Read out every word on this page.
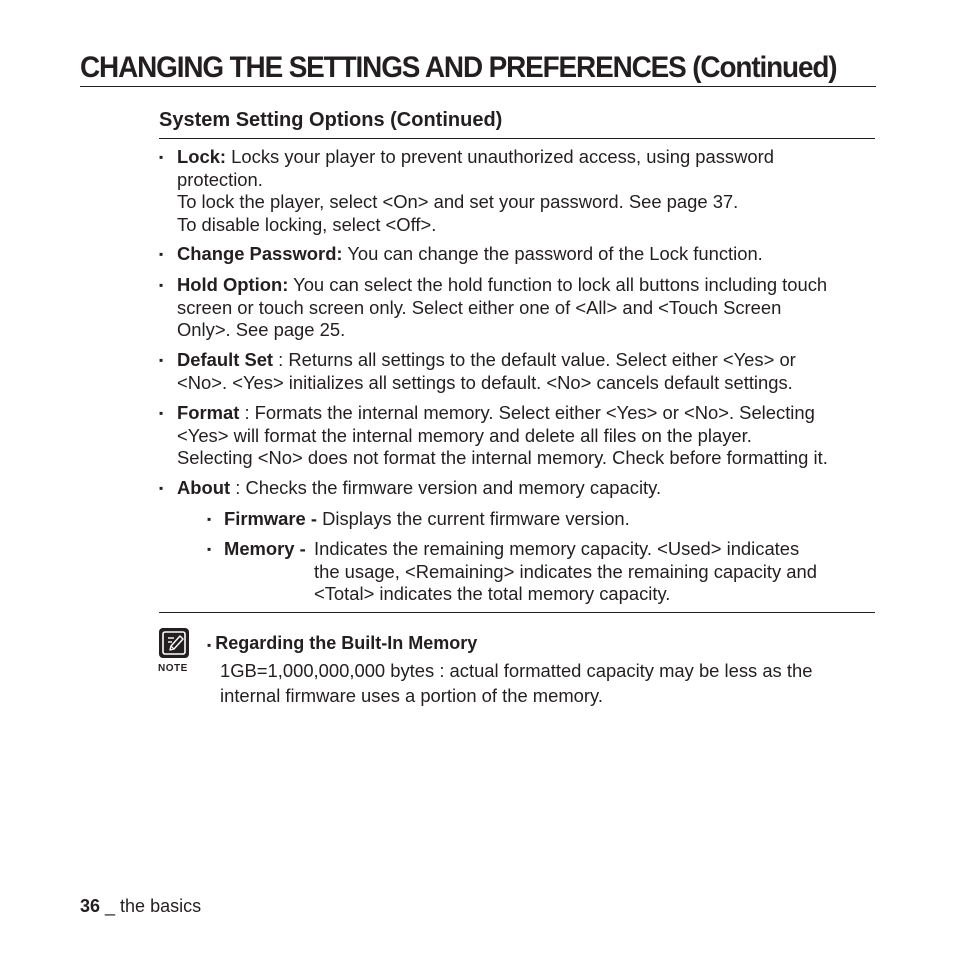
CHANGING THE SETTINGS AND PREFERENCES (Continued)
System Setting Options (Continued)
▪ Lock: Locks your player to prevent unauthorized access, using password
protection.
To lock the player, select <On> and set your password. See page 37.
To disable locking, select <Off>.
▪ Change Password: You can change the password of the Lock function.
▪ Hold Option: You can select the hold function to lock all buttons including touch
screen or touch screen only. Select either one of <All> and <Touch Screen
Only>. See page 25.
▪ Default Set : Returns all settings to the default value. Select either <Yes> or
<No>. <Yes> initializes all settings to default. <No> cancels default settings.
▪ Format : Formats the internal memory. Select either <Yes> or <No>. Selecting
<Yes> will format the internal memory and delete all files on the player.
Selecting <No> does not format the internal memory. Check before formatting it.
▪ About : Checks the firmware version and memory capacity.
▪ Firmware - Displays the current firmware version.
▪ Memory - Indicates the remaining memory capacity. <Used> indicates
the usage, <Remaining> indicates the remaining capacity and
<Total> indicates the total memory capacity.
NOTE
▪ Regarding the Built-In Memory
1GB=1,000,000,000 bytes : actual formatted capacity may be less as the
internal firmware uses a portion of the memory.
36 _ the basics
